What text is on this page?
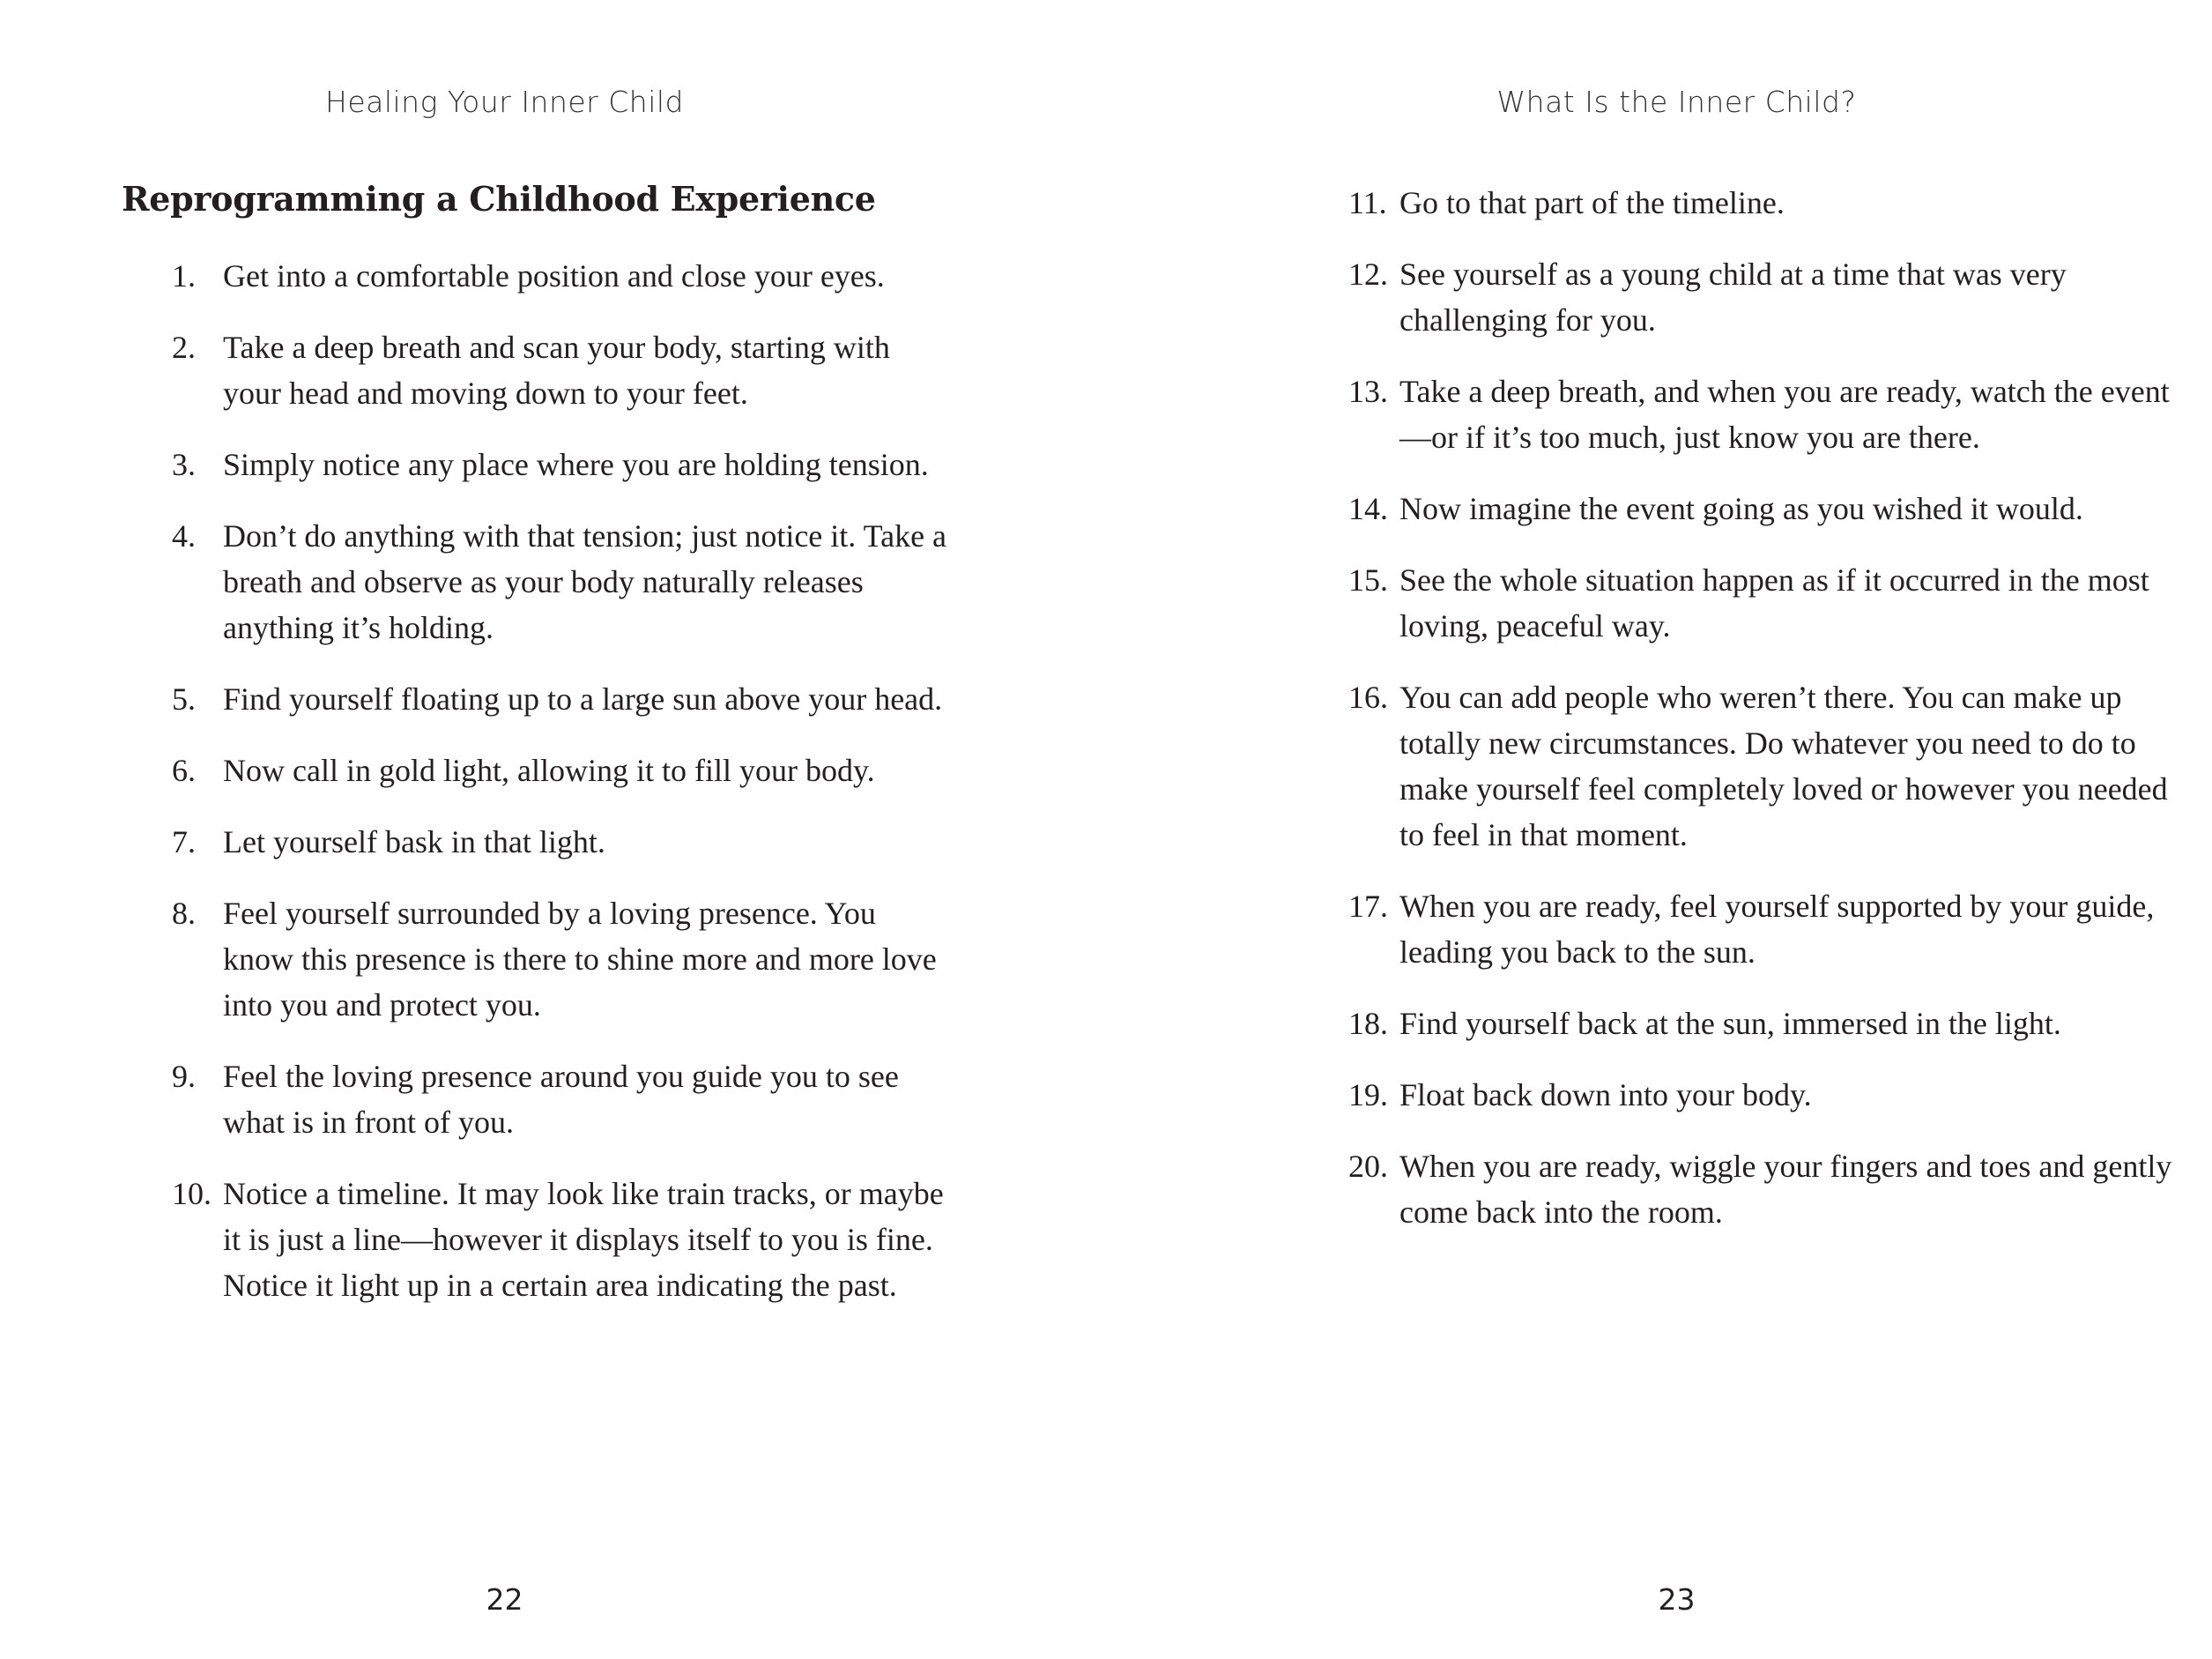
Healing Your Inner Child
Reprogramming a Childhood Experience
1. Get into a comfortable position and close your eyes.
2. Take a deep breath and scan your body, starting with your head and moving down to your feet.
3. Simply notice any place where you are holding tension.
4. Don’t do anything with that tension; just notice it. Take a breath and observe as your body naturally releases anything it’s holding.
5. Find yourself floating up to a large sun above your head.
6. Now call in gold light, allowing it to fill your body.
7. Let yourself bask in that light.
8. Feel yourself surrounded by a loving presence. You know this presence is there to shine more and more love into you and protect you.
9. Feel the loving presence around you guide you to see what is in front of you.
10. Notice a timeline. It may look like train tracks, or maybe it is just a line—however it displays itself to you is fine. Notice it light up in a certain area indicating the past.
22
What Is the Inner Child?
11. Go to that part of the timeline.
12. See yourself as a young child at a time that was very challenging for you.
13. Take a deep breath, and when you are ready, watch the event—or if it’s too much, just know you are there.
14. Now imagine the event going as you wished it would.
15. See the whole situation happen as if it occurred in the most loving, peaceful way.
16. You can add people who weren’t there. You can make up totally new circumstances. Do whatever you need to do to make yourself feel completely loved or however you needed to feel in that moment.
17. When you are ready, feel yourself supported by your guide, leading you back to the sun.
18. Find yourself back at the sun, immersed in the light.
19. Float back down into your body.
20. When you are ready, wiggle your fingers and toes and gently come back into the room.
23
